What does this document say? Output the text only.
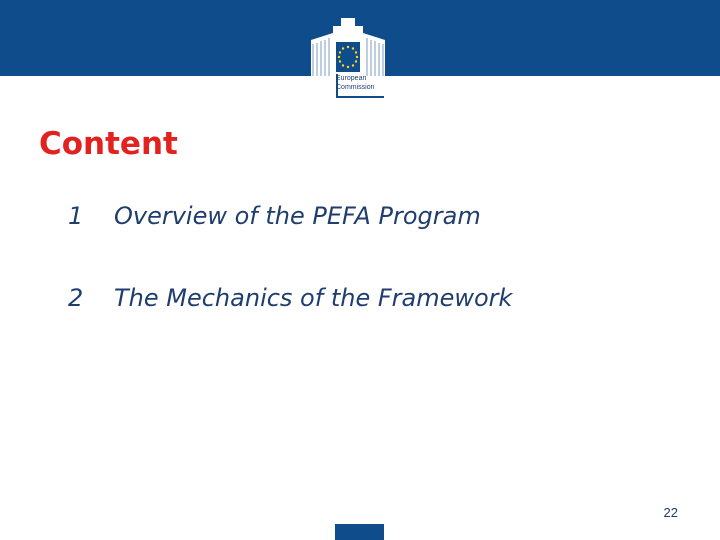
European
Commission
Content
1 Overview of the PEFA Program
2 The Mechanics of the Framework
22
